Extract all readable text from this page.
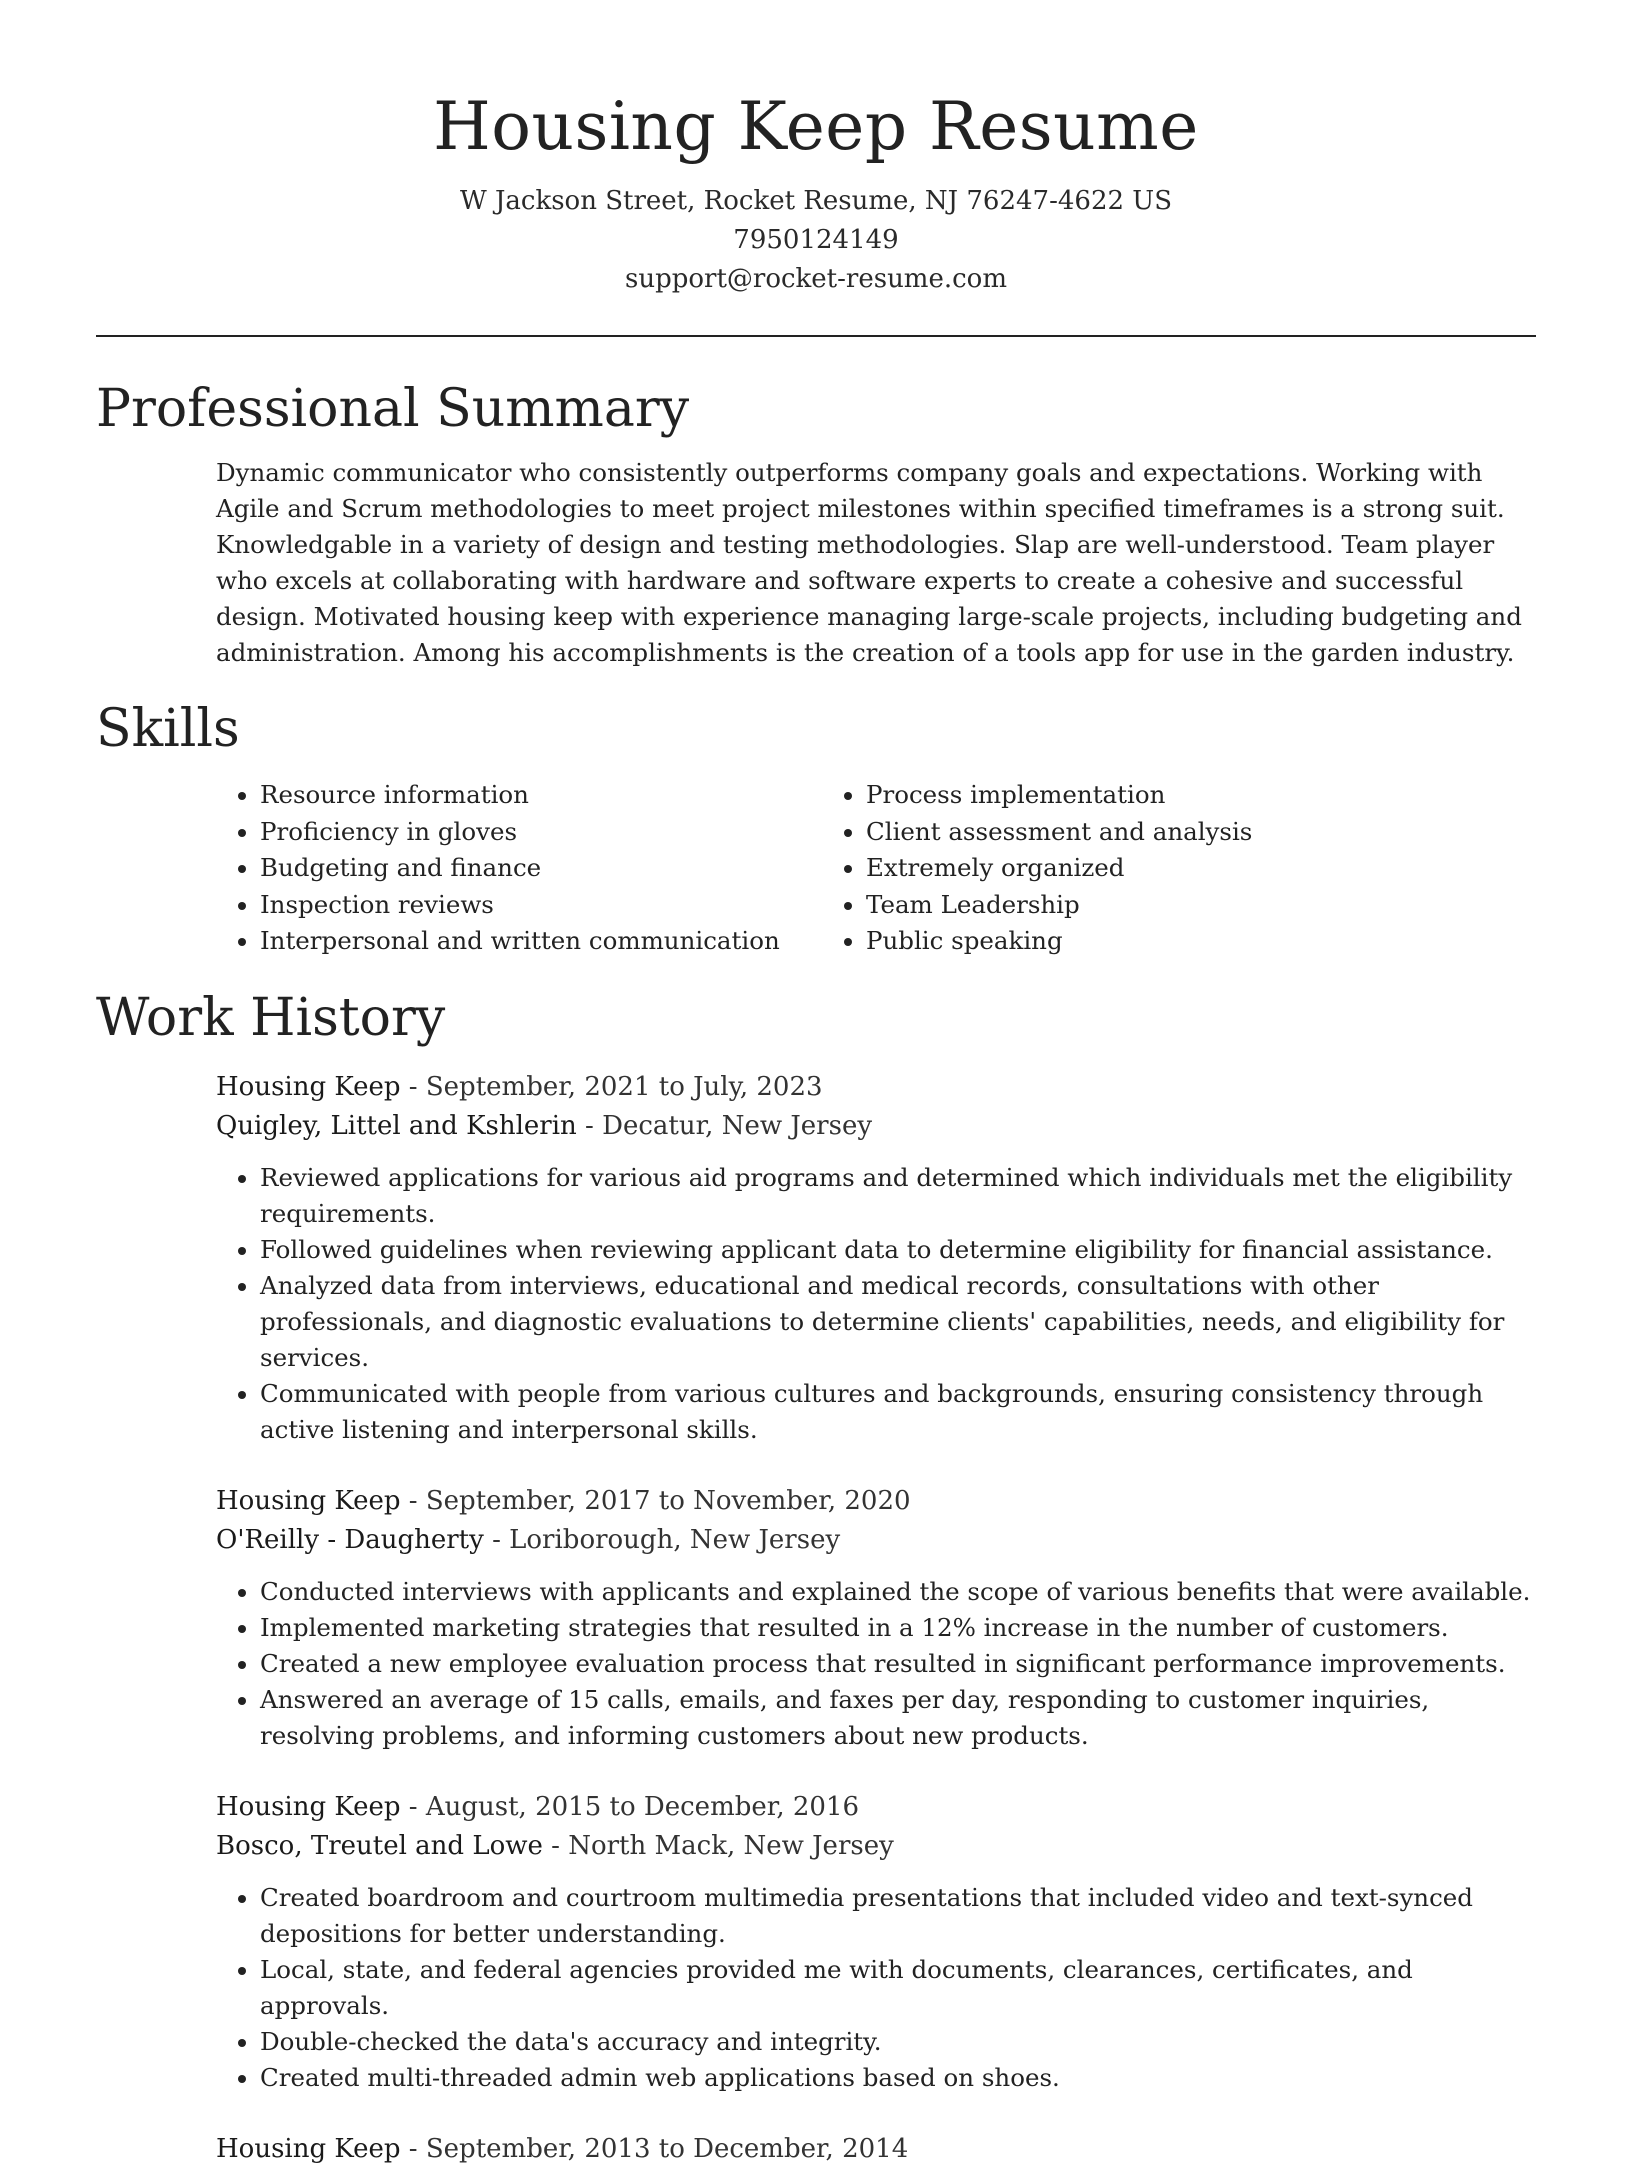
Housing Keep Resume
W Jackson Street, Rocket Resume, NJ 76247-4622 US
7950124149
support@rocket-resume.com
Professional Summary
Dynamic communicator who consistently outperforms company goals and expectations. Working with Agile and Scrum methodologies to meet project milestones within specified timeframes is a strong suit. Knowledgable in a variety of design and testing methodologies. Slap are well-understood. Team player who excels at collaborating with hardware and software experts to create a cohesive and successful design. Motivated housing keep with experience managing large-scale projects, including budgeting and administration. Among his accomplishments is the creation of a tools app for use in the garden industry.
Skills
• Resource information
• Proficiency in gloves
• Budgeting and finance
• Inspection reviews
• Interpersonal and written communication
• Process implementation
• Client assessment and analysis
• Extremely organized
• Team Leadership
• Public speaking
Work History
Housing Keep - September, 2021 to July, 2023
Quigley, Littel and Kshlerin - Decatur, New Jersey
• Reviewed applications for various aid programs and determined which individuals met the eligibility requirements.
• Followed guidelines when reviewing applicant data to determine eligibility for financial assistance.
• Analyzed data from interviews, educational and medical records, consultations with other professionals, and diagnostic evaluations to determine clients' capabilities, needs, and eligibility for services.
• Communicated with people from various cultures and backgrounds, ensuring consistency through active listening and interpersonal skills.
Housing Keep - September, 2017 to November, 2020
O'Reilly - Daugherty - Loriborough, New Jersey
• Conducted interviews with applicants and explained the scope of various benefits that were available.
• Implemented marketing strategies that resulted in a 12% increase in the number of customers.
• Created a new employee evaluation process that resulted in significant performance improvements.
• Answered an average of 15 calls, emails, and faxes per day, responding to customer inquiries, resolving problems, and informing customers about new products.
Housing Keep - August, 2015 to December, 2016
Bosco, Treutel and Lowe - North Mack, New Jersey
• Created boardroom and courtroom multimedia presentations that included video and text-synced depositions for better understanding.
• Local, state, and federal agencies provided me with documents, clearances, certificates, and approvals.
• Double-checked the data's accuracy and integrity.
• Created multi-threaded admin web applications based on shoes.
Housing Keep - September, 2013 to December, 2014
